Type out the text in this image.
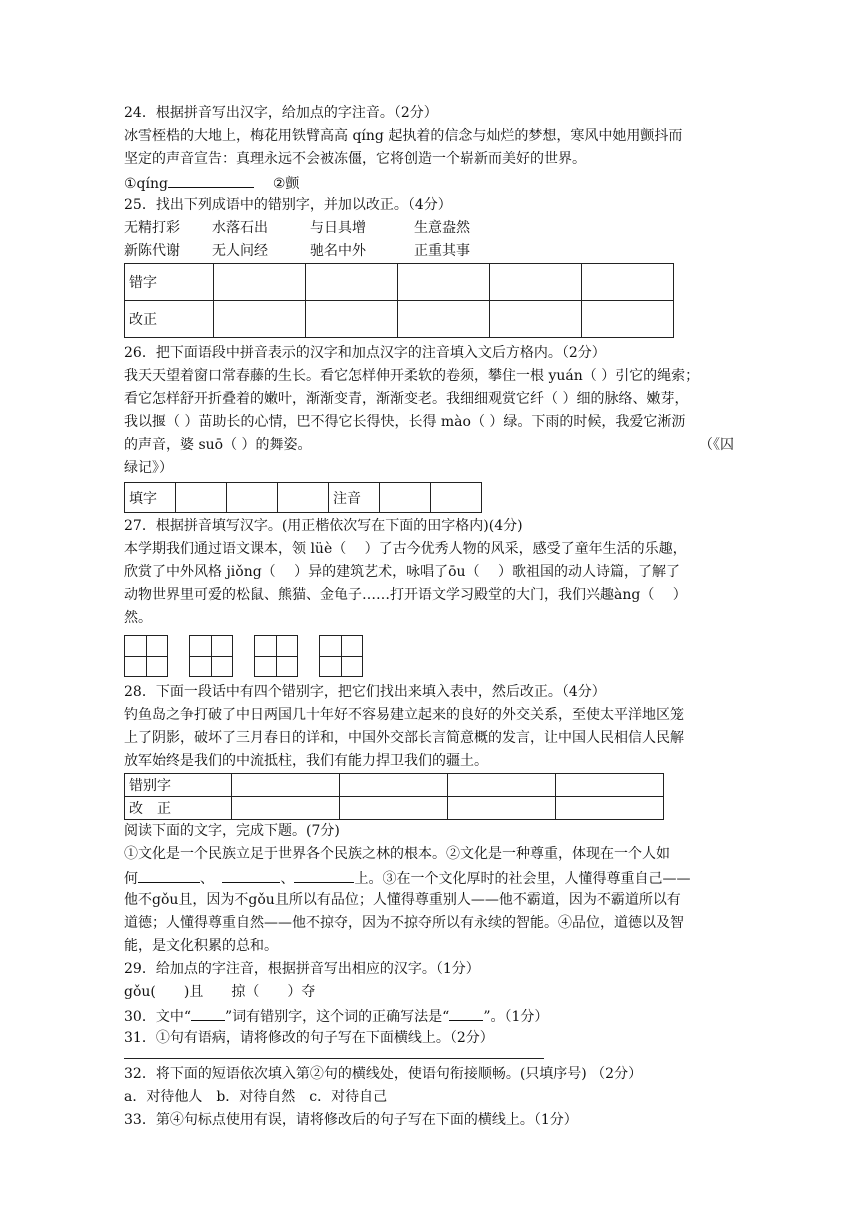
24．根据拼音写出汉字，给加点的字注音。（2分）
冰雪桎梏的大地上，梅花用铁臂高高 qíng 起执着的信念与灿烂的梦想，寒风中她用颤抖而
坚定的声音宣告：真理永远不会被冻僵，它将创造一个崭新而美好的世界。
①qíng	②颤
25．找出下列成语中的错别字，并加以改正。（4分）
无精打彩	水落石出	与日具增	生意盎然
新陈代谢	无人问经	驰名中外	正重其事
错字					
改正					
26．把下面语段中拼音表示的汉字和加点汉字的注音填入文后方格内。（2分）
我天天望着窗口常春藤的生长。看它怎样伸开柔软的卷须，攀住一根 yuán（ ）引它的绳索；
看它怎样舒开折叠着的嫩叶，渐渐变青，渐渐变老。我细细观赏它纤（ ）细的脉络、嫩芽，
我以揠（ ）苗助长的心情，巴不得它长得快，长得 mào（ ）绿。下雨的时候，我爱它淅沥
的声音，婆 suō（ ）的舞姿。	（《囚
绿记》）
填字				注音		
27．根据拼音填写汉字。(用正楷依次写在下面的田字格内)(4分)
本学期我们通过语文课本，领 lüè（　 ）了古今优秀人物的风采，感受了童年生活的乐趣，
欣赏了中外风格 jiǒng（　 ）异的建筑艺术，咏唱了ōu（　 ）歌祖国的动人诗篇，了解了
动物世界里可爱的松鼠、熊猫、金龟子……打开语文学习殿堂的大门，我们兴趣àng（　 ）
然。
28．下面一段话中有四个错别字，把它们找出来填入表中，然后改正。（4分）
钓鱼岛之争打破了中日两国几十年好不容易建立起来的良好的外交关系，至使太平洋地区笼
上了阴影，破坏了三月春日的详和，中国外交部长言简意概的发言，让中国人民相信人民解
放军始终是我们的中流抵柱，我们有能力捍卫我们的疆土。
错别字				
改　正				
阅读下面的文字，完成下题。(7分)
①文化是一个民族立足于世界各个民族之林的根本。②文化是一种尊重，体现在一个人如
何	、	、	上。③在一个文化厚时的社会里，人懂得尊重自己——
他不gǒu且，因为不gǒu且所以有品位；人懂得尊重别人——他不霸道，因为不霸道所以有
道德；人懂得尊重自然——他不掠夺，因为不掠夺所以有永续的智能。④品位，道德以及智
能，是文化积累的总和。
29．给加点的字注音，根据拼音写出相应的汉字。（1分）
gǒu(　　)且　　掠（　　）夺
30．文中“ ”词有错别字，这个词的正确写法是“ ”。（1分）
31．①句有语病，请将修改的句子写在下面横线上。（2分）
32．将下面的短语依次填入第②句的横线处，使语句衔接顺畅。(只填序号) （2分）
a．对待他人　b．对待自然　c．对待自己
33．第④句标点使用有误，请将修改后的句子写在下面的横线上。（1分）
